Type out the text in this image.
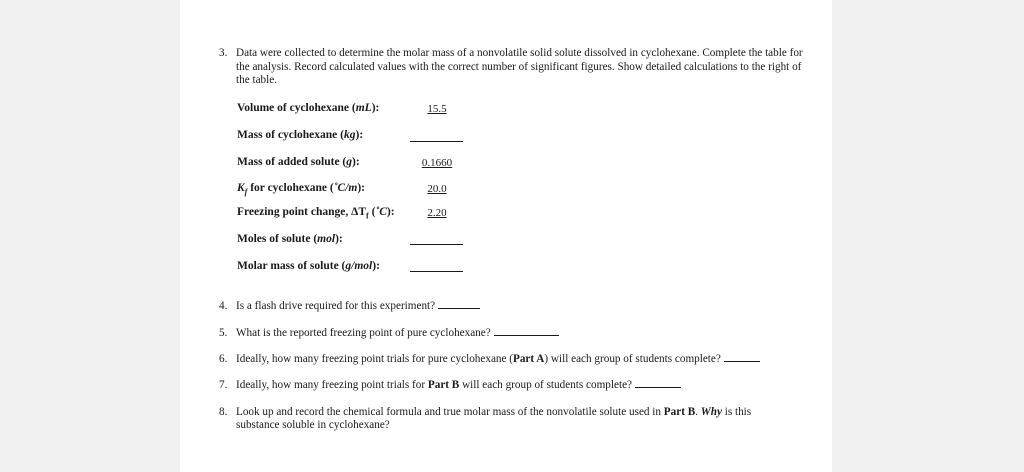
3. Data were collected to determine the molar mass of a nonvolatile solid solute dissolved in cyclohexane. Complete the table for the analysis. Record calculated values with the correct number of significant figures. Show detailed calculations to the right of the table.
Volume of cyclohexane (mL):	15.5
Mass of cyclohexane (kg):
Mass of added solute (g):	0.1660
$K_f$ for cyclohexane (˚C/m):	20.0
Freezing point change, $\Delta T_f$ (˚C):	2.20
Moles of solute (mol):
Molar mass of solute (g/mol):
4. Is a flash drive required for this experiment?
5. What is the reported freezing point of pure cyclohexane?
6. Ideally, how many freezing point trials for pure cyclohexane (Part A) will each group of students complete?
7. Ideally, how many freezing point trials for Part B will each group of students complete?
8. Look up and record the chemical formula and true molar mass of the nonvolatile solute used in Part B. Why is this
substance soluble in cyclohexane?
